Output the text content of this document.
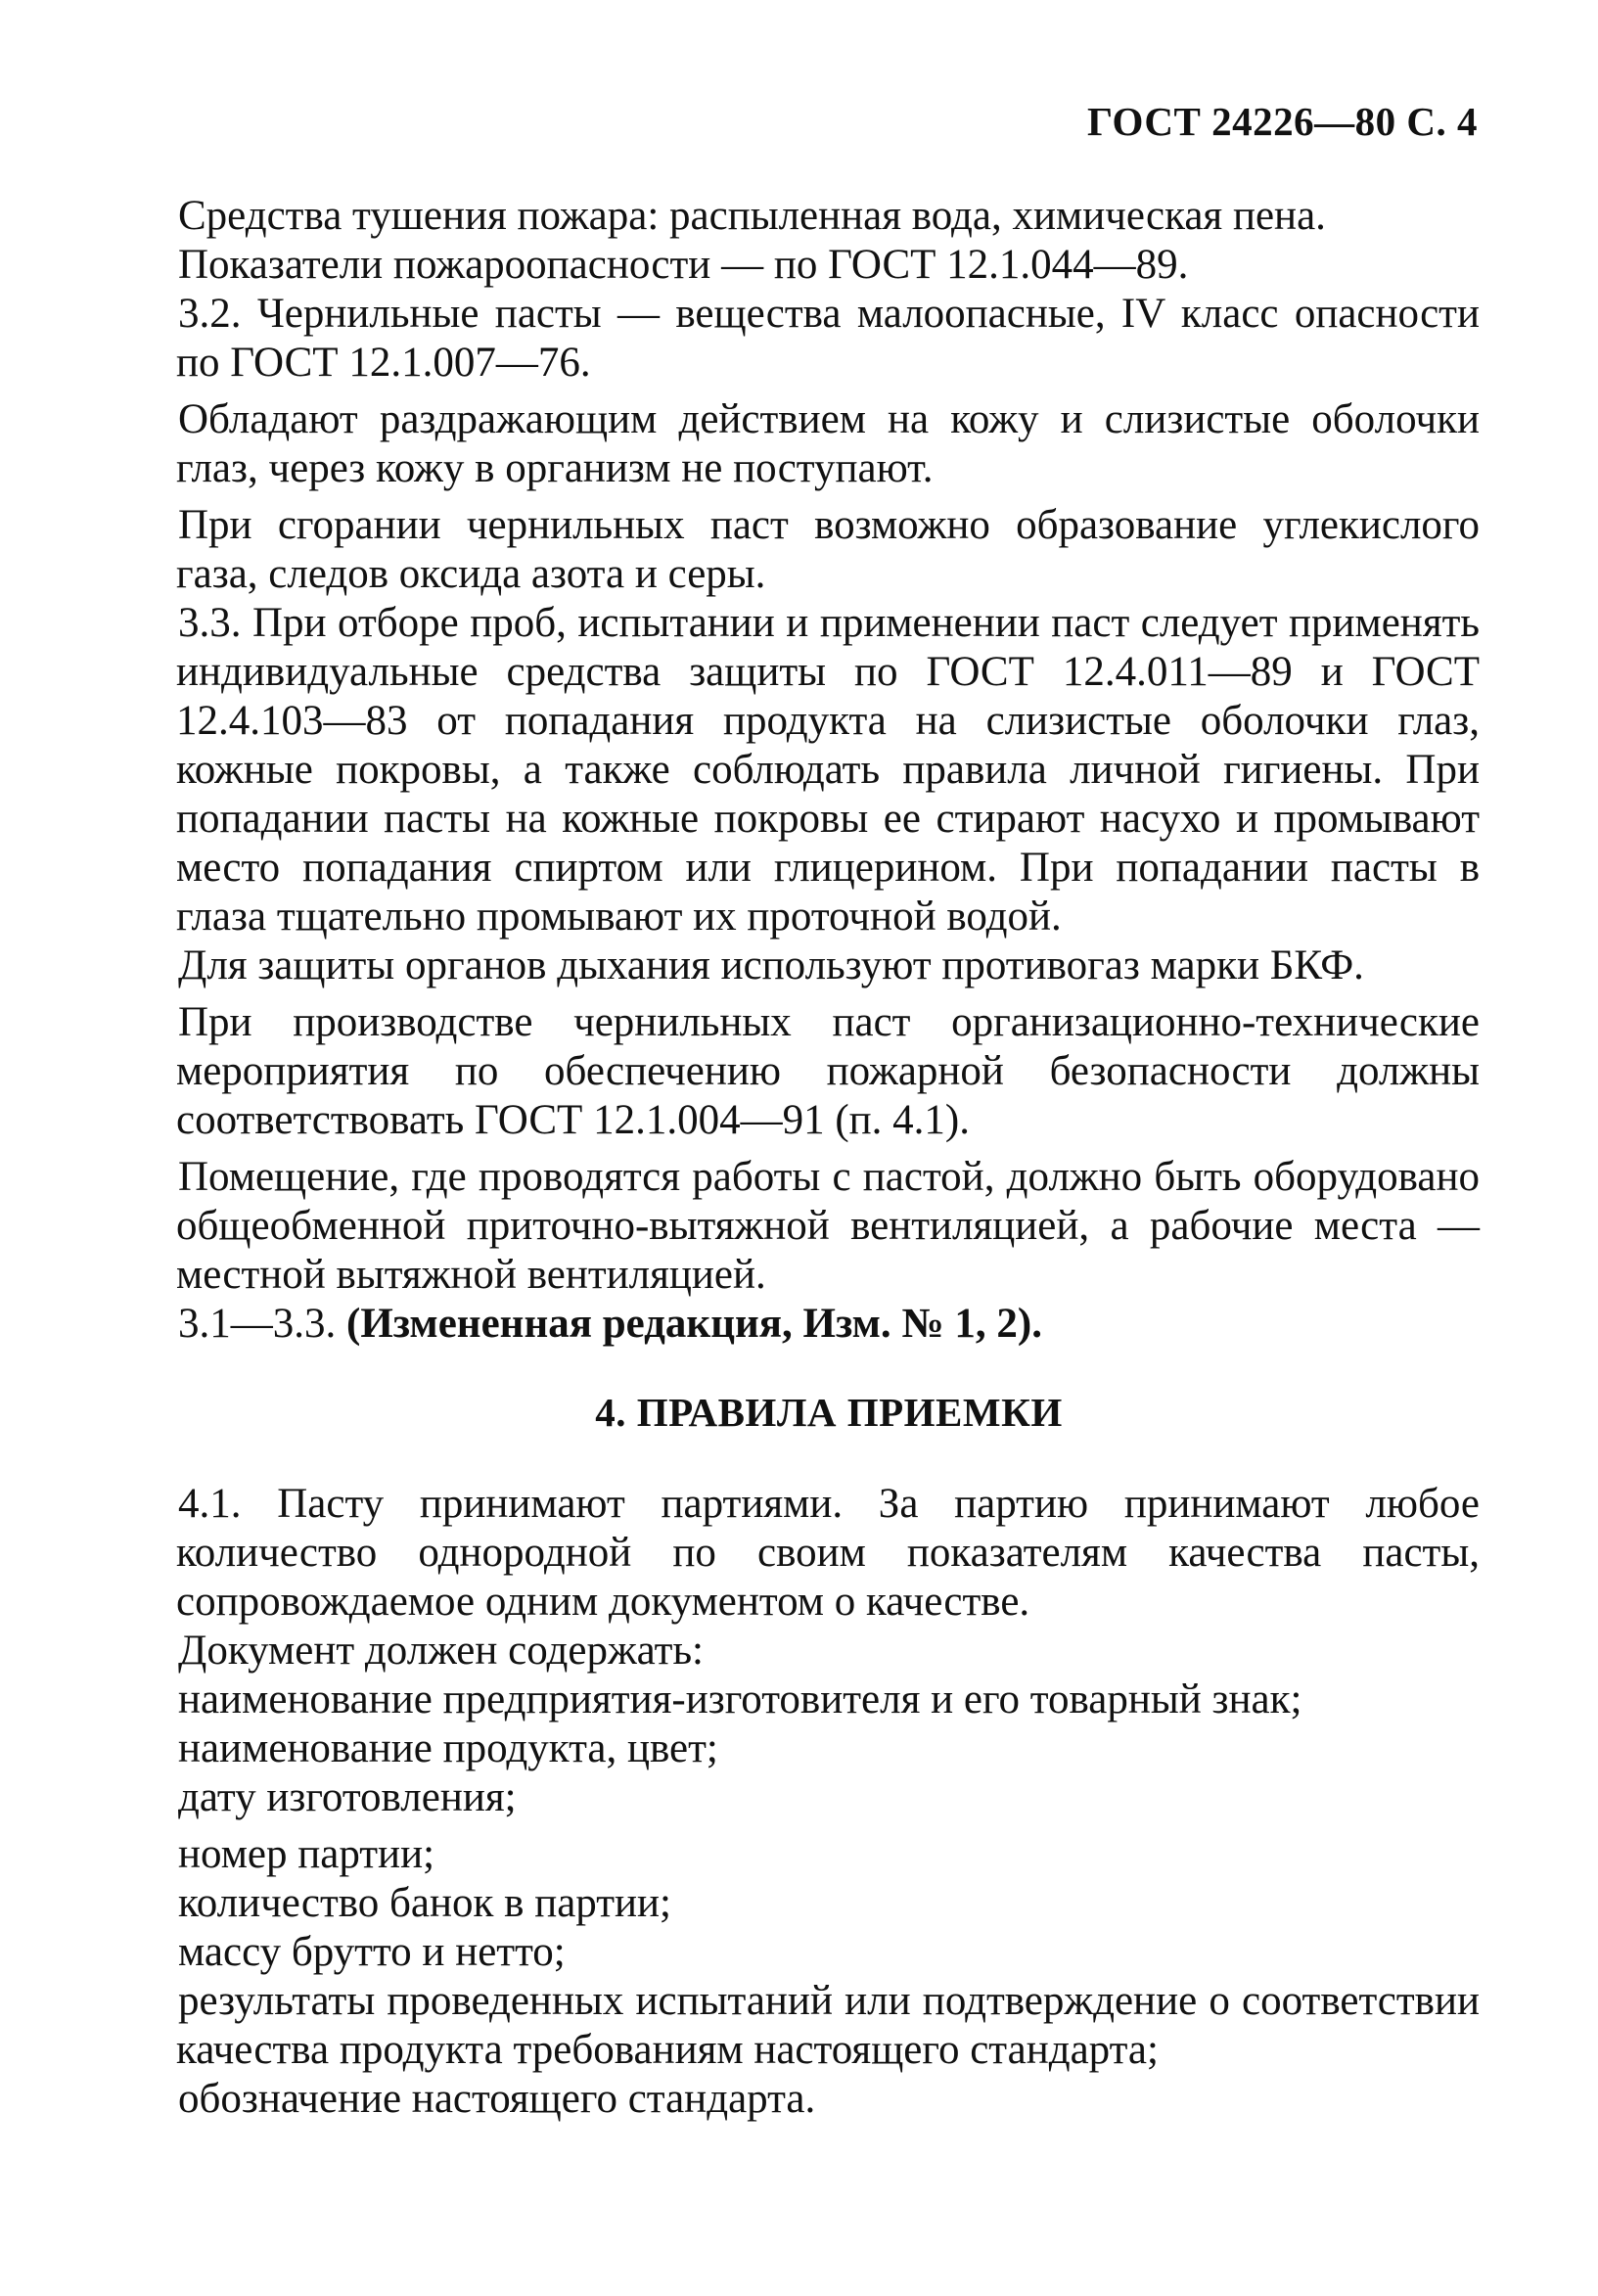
ГОСТ 24226—80 С. 4

Средства тушения пожара: распыленная вода, химическая пена.

Показатели пожароопасности — по ГОСТ 12.1.044—89.

3.2. Чернильные пасты — вещества малоопасные, IV класс опасности по ГОСТ 12.1.007—76.

Обладают раздражающим действием на кожу и слизистые оболочки глаз, через кожу в организм не поступают.

При сгорании чернильных паст возможно образование углекислого газа, следов оксида азота и серы.

3.3. При отборе проб, испытании и применении паст следует применять индивидуальные средства защиты по ГОСТ 12.4.011—89 и ГОСТ 12.4.103—83 от попадания продукта на слизистые оболочки глаз, кожные покровы, а также соблюдать правила личной гигиены. При попадании пасты на кожные покровы ее стирают насухо и промывают место попадания спиртом или глицерином. При попадании пасты в глаза тщательно промывают их проточной водой.

Для защиты органов дыхания используют противогаз марки БКФ.

При производстве чернильных паст организационно-технические мероприятия по обеспечению пожарной безопасности должны соответствовать ГОСТ 12.1.004—91 (п. 4.1).

Помещение, где проводятся работы с пастой, должно быть оборудовано общеобменной приточно-вытяжной вентиляцией, а рабочие места — местной вытяжной вентиляцией.

3.1—3.3. (Измененная редакция, Изм. № 1, 2).

4. ПРАВИЛА ПРИЕМКИ

4.1. Пасту принимают партиями. За партию принимают любое количество однородной по своим показателям качества пасты, сопровождаемое одним документом о качестве.

Документ должен содержать:

наименование предприятия-изготовителя и его товарный знак;

наименование продукта, цвет;

дату изготовления;

номер партии;

количество банок в партии;

массу брутто и нетто;

результаты проведенных испытаний или подтверждение о соответствии качества продукта требованиям настоящего стандарта;

обозначение настоящего стандарта.
